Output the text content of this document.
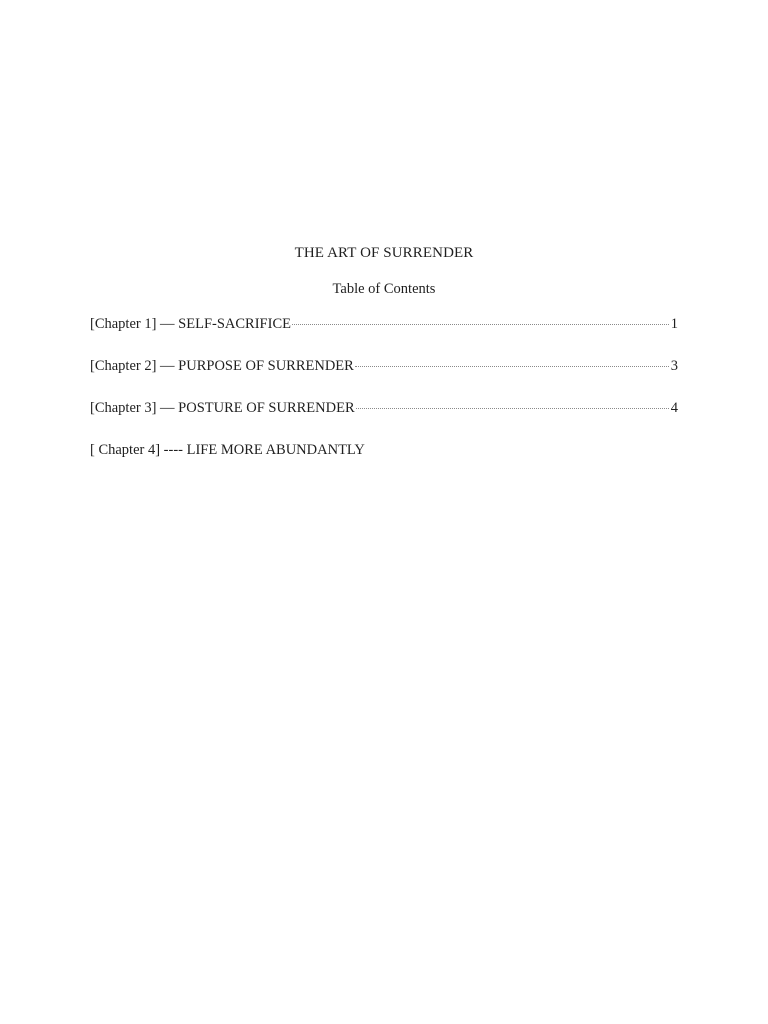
THE ART OF SURRENDER
Table of Contents
[Chapter 1] — SELF-SACRIFICE	1
[Chapter 2] — PURPOSE OF SURRENDER	3
[Chapter 3] — POSTURE OF SURRENDER	4
[ Chapter 4] ---- LIFE MORE ABUNDANTLY
